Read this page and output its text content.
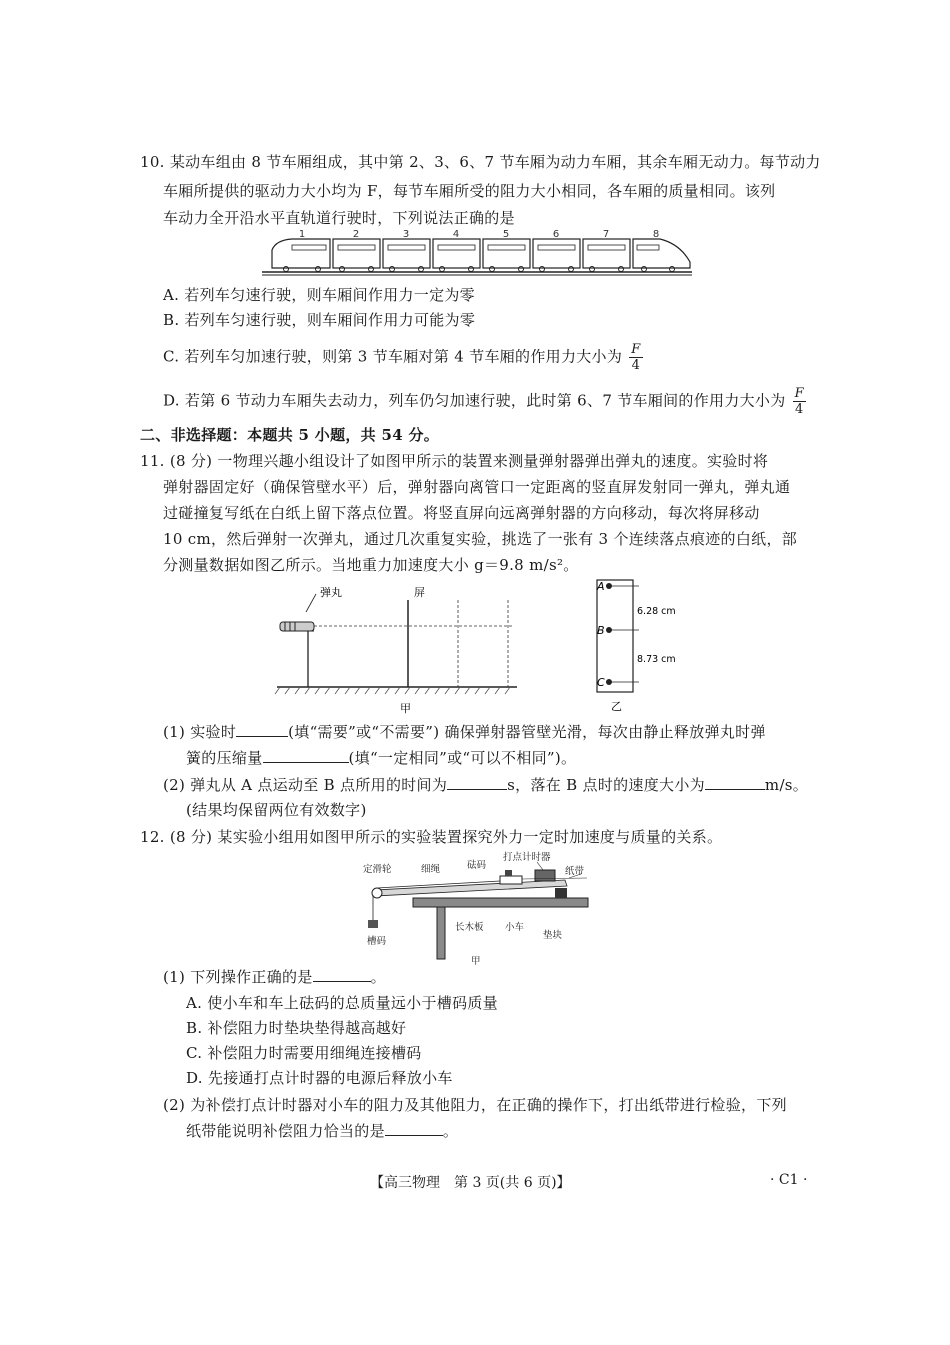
10. 某动车组由 8 节车厢组成，其中第 2、3、6、7 节车厢为动力车厢，其余车厢无动力。每节动力
车厢所提供的驱动力大小均为 F，每节车厢所受的阻力大小相同，各车厢的质量相同。该列
车动力全开沿水平直轨道行驶时，下列说法正确的是
1	2	3	4	5	6	7	8
A. 若列车匀速行驶，则车厢间作用力一定为零
B. 若列车匀速行驶，则车厢间作用力可能为零
C. 若列车匀加速行驶，则第 3 节车厢对第 4 节车厢的作用力大小为 $\frac{F}{4}$
D. 若第 6 节动力车厢失去动力，列车仍匀加速行驶，此时第 6、7 节车厢间的作用力大小为 $\frac{F}{4}$
二、非选择题：本题共 5 小题，共 54 分。
11. (8 分) 一物理兴趣小组设计了如图甲所示的装置来测量弹射器弹出弹丸的速度。实验时将
弹射器固定好（确保管壁水平）后，弹射器向离管口一定距离的竖直屏发射同一弹丸，弹丸通
过碰撞复写纸在白纸上留下落点位置。将竖直屏向远离弹射器的方向移动，每次将屏移动
10 cm，然后弹射一次弹丸，通过几次重复实验，挑选了一张有 3 个连续落点痕迹的白纸，部
分测量数据如图乙所示。当地重力加速度大小 g＝9.8 m/s²。
弹丸	屏
甲
A
B
C
6.28 cm
8.73 cm
乙
(1) 实验时	(填“需要”或“不需要”) 确保弹射器管壁光滑，每次由静止释放弹丸时弹
簧的压缩量	(填“一定相同”或“可以不相同”)。
(2) 弹丸从 A 点运动至 B 点所用的时间为	s，落在 B 点时的速度大小为	m/s。
(结果均保留两位有效数字)
12. (8 分) 某实验小组用如图甲所示的实验装置探究外力一定时加速度与质量的关系。
定滑轮	细绳	砝码
打点计时器
纸带
槽码
长木板 小车
垫块
甲
(1) 下列操作正确的是	。
A. 使小车和车上砝码的总质量远小于槽码质量
B. 补偿阻力时垫块垫得越高越好
C. 补偿阻力时需要用细绳连接槽码
D. 先接通打点计时器的电源后释放小车
(2) 为补偿打点计时器对小车的阻力及其他阻力，在正确的操作下，打出纸带进行检验，下列
纸带能说明补偿阻力恰当的是	。
【高三物理　第 3 页(共 6 页)】	· C1 ·
